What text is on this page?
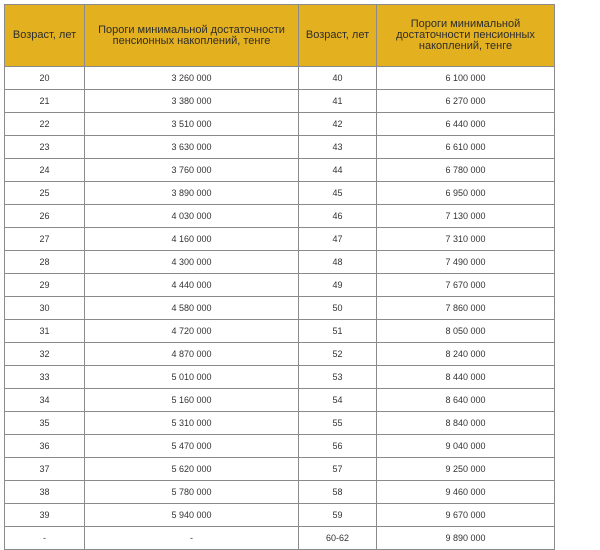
Возраст, лет	Пороги минимальной достаточности пенсионных накоплений, тенге	Возраст, лет	Пороги минимальной достаточности пенсионных накоплений, тенге
20	3 260 000	40	6 100 000
21	3 380 000	41	6 270 000
22	3 510 000	42	6 440 000
23	3 630 000	43	6 610 000
24	3 760 000	44	6 780 000
25	3 890 000	45	6 950 000
26	4 030 000	46	7 130 000
27	4 160 000	47	7 310 000
28	4 300 000	48	7 490 000
29	4 440 000	49	7 670 000
30	4 580 000	50	7 860 000
31	4 720 000	51	8 050 000
32	4 870 000	52	8 240 000
33	5 010 000	53	8 440 000
34	5 160 000	54	8 640 000
35	5 310 000	55	8 840 000
36	5 470 000	56	9 040 000
37	5 620 000	57	9 250 000
38	5 780 000	58	9 460 000
39	5 940 000	59	9 670 000
-	-	60-62	9 890 000
